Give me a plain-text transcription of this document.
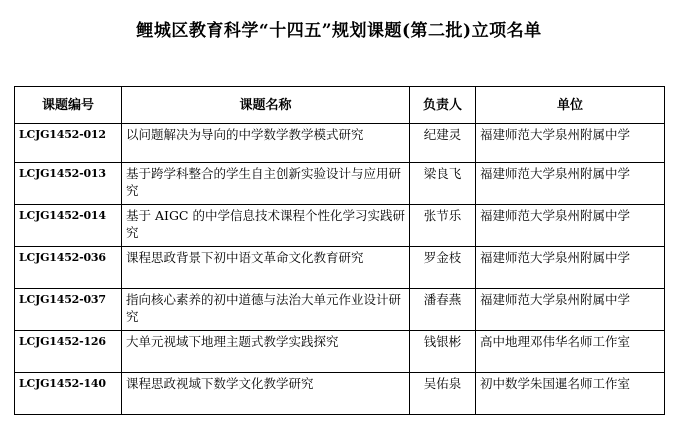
鲤城区教育科学“十四五”规划课题(第二批)立项名单
课题编号	课题名称	负责人	单位
LCJG1452-012	以问题解决为导向的中学数学教学模式研究	纪建灵	福建师范大学泉州附属中学
LCJG1452-013	基于跨学科整合的学生自主创新实验设计与应用研究	梁良飞	福建师范大学泉州附属中学
LCJG1452-014	基于 AIGC 的中学信息技术课程个性化学习实践研究	张节乐	福建师范大学泉州附属中学
LCJG1452-036	课程思政背景下初中语文革命文化教育研究	罗金枝	福建师范大学泉州附属中学
LCJG1452-037	指向核心素养的初中道德与法治大单元作业设计研究	潘春燕	福建师范大学泉州附属中学
LCJG1452-126	大单元视域下地理主题式教学实践探究	钱银彬	高中地理邓伟华名师工作室
LCJG1452-140	课程思政视域下数学文化教学研究	吴佑泉	初中数学朱国暹名师工作室
